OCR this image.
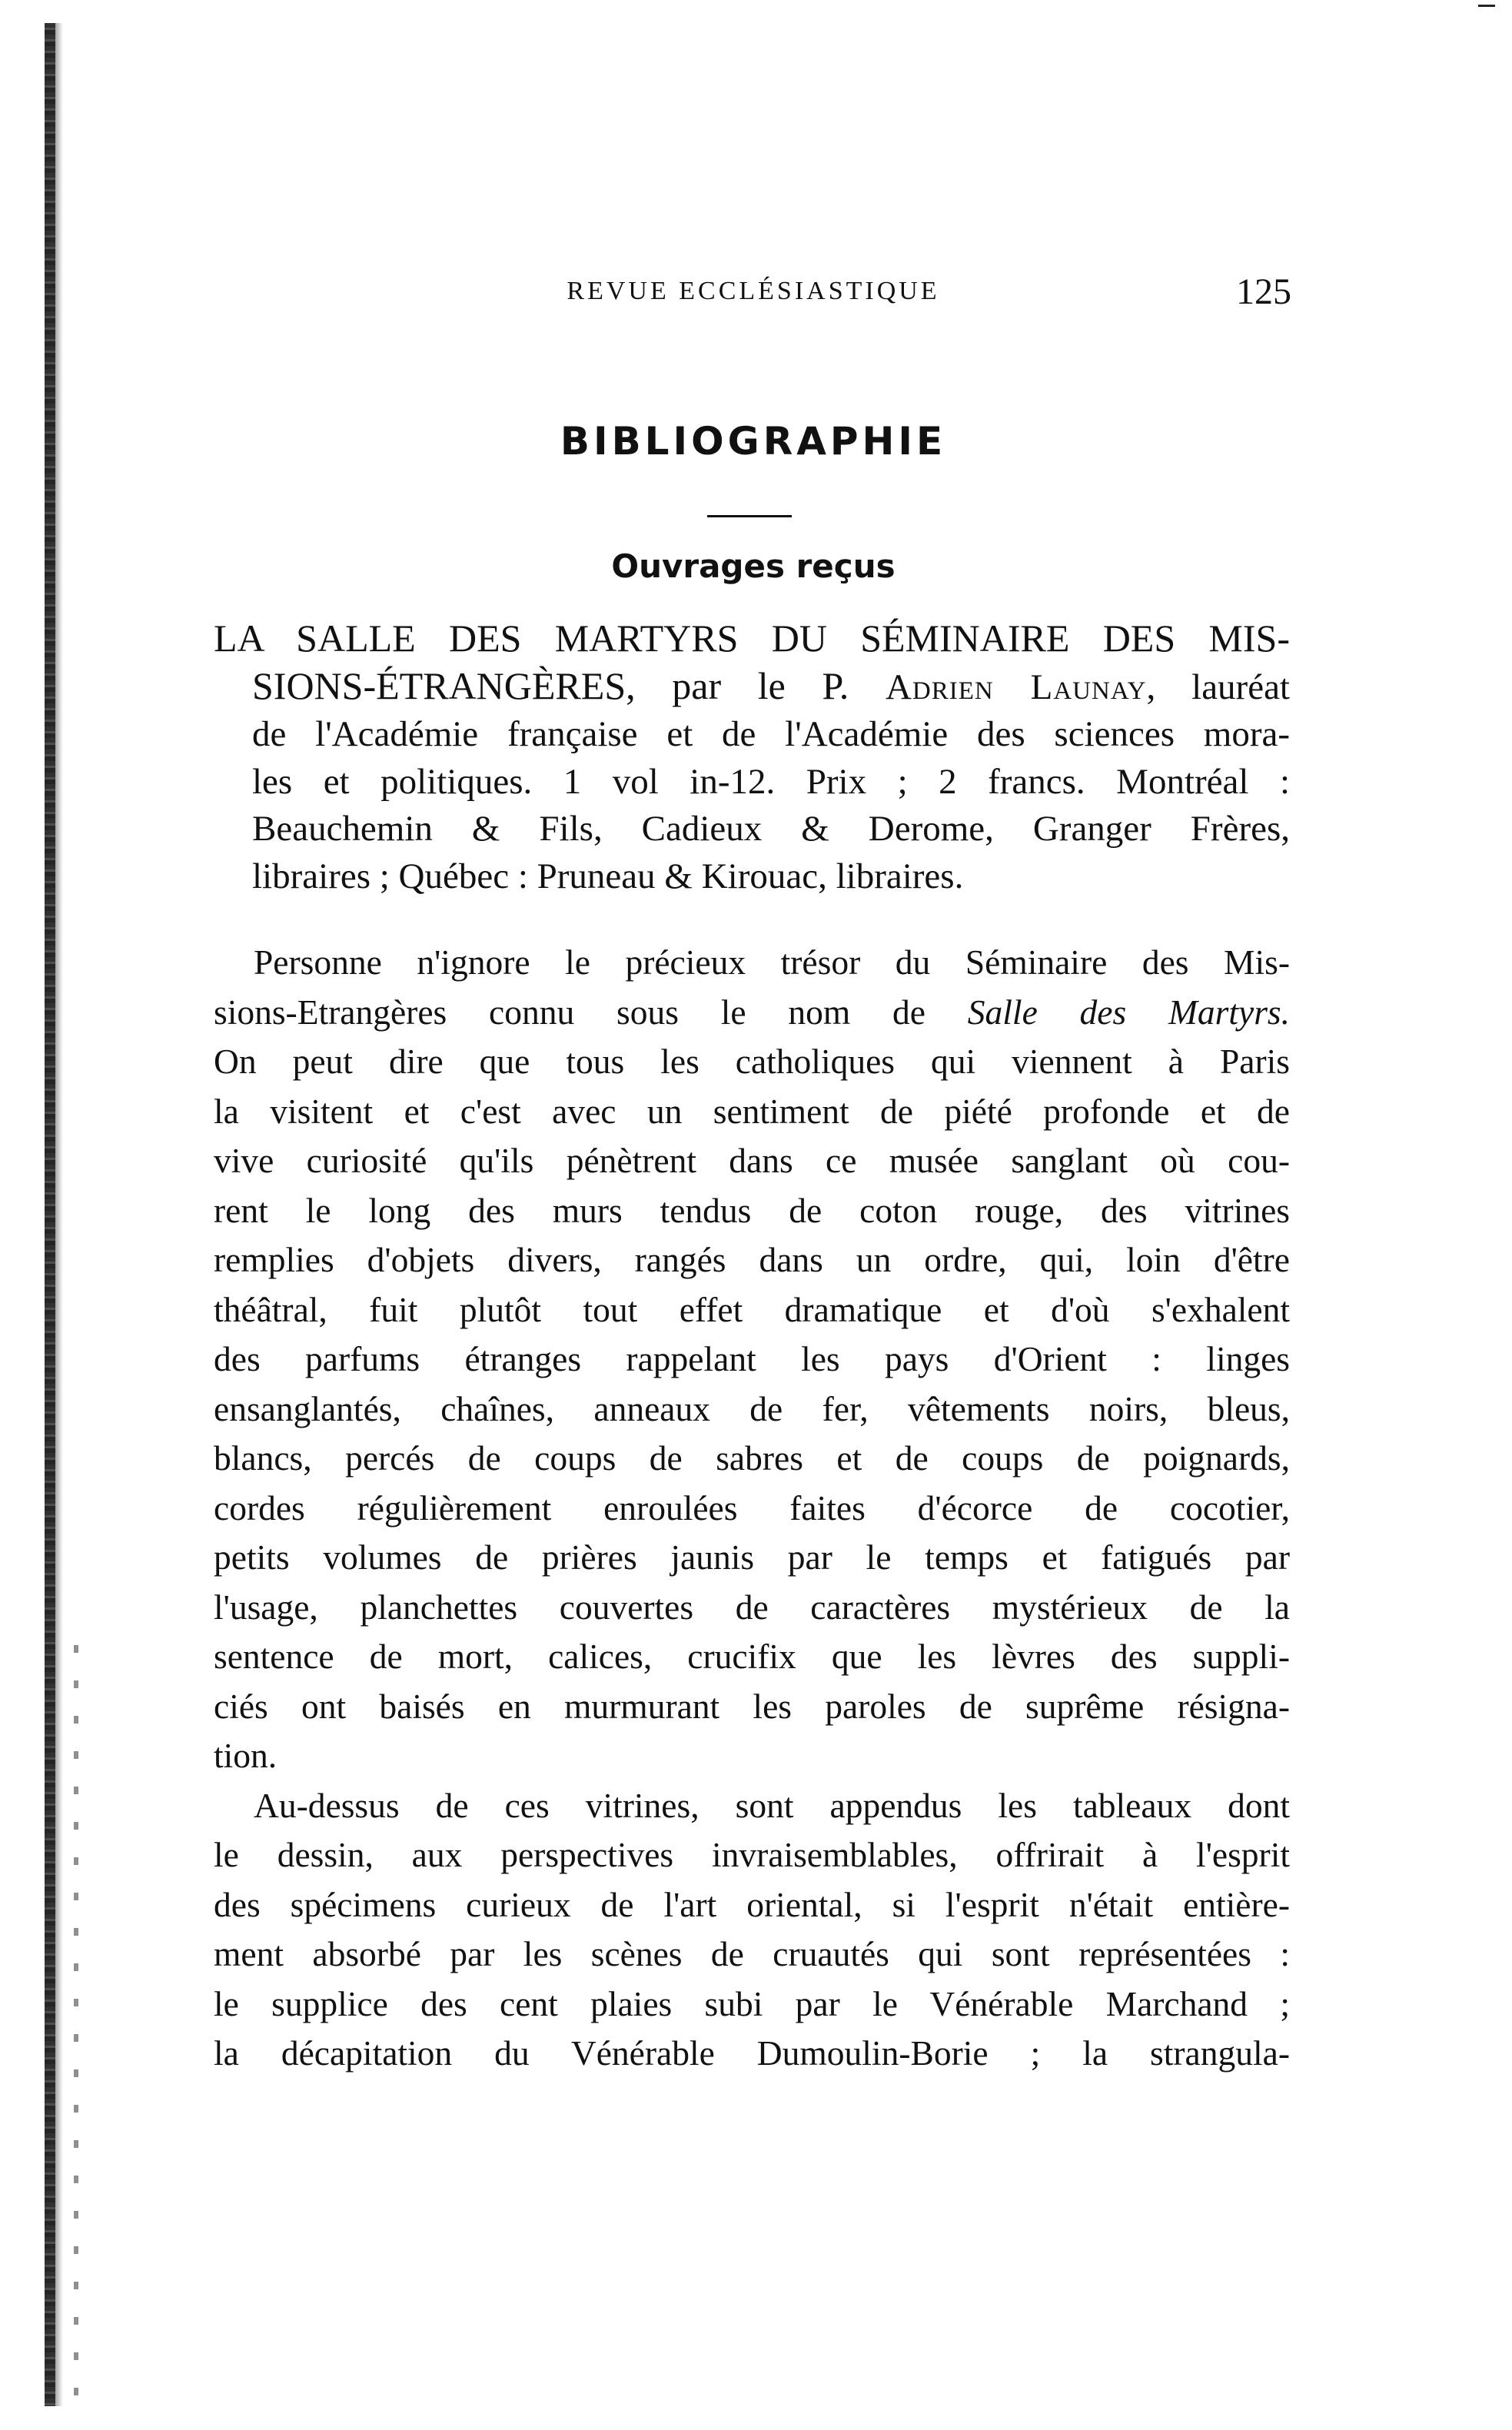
REVUE ECCLÉSIASTIQUE	125
BIBLIOGRAPHIE
Ouvrages reçus
LA SALLE DES MARTYRS DU SÉMINAIRE DES MIS-
SIONS-ÉTRANGÈRES, par le P. Adrien Launay, lauréat
de l'Académie française et de l'Académie des sciences mora-
les et politiques. 1 vol in-12. Prix ; 2 francs. Montréal :
Beauchemin & Fils, Cadieux & Derome, Granger Frères,
libraires ; Québec : Pruneau & Kirouac, libraires.
Personne n'ignore le précieux trésor du Séminaire des Mis-
sions-Etrangères connu sous le nom de Salle des Martyrs.
On peut dire que tous les catholiques qui viennent à Paris
la visitent et c'est avec un sentiment de piété profonde et de
vive curiosité qu'ils pénètrent dans ce musée sanglant où cou-
rent le long des murs tendus de coton rouge, des vitrines
remplies d'objets divers, rangés dans un ordre, qui, loin d'être
théâtral, fuit plutôt tout effet dramatique et d'où s'exhalent
des parfums étranges rappelant les pays d'Orient : linges
ensanglantés, chaînes, anneaux de fer, vêtements noirs, bleus,
blancs, percés de coups de sabres et de coups de poignards,
cordes régulièrement enroulées faites d'écorce de cocotier,
petits volumes de prières jaunis par le temps et fatigués par
l'usage, planchettes couvertes de caractères mystérieux de la
sentence de mort, calices, crucifix que les lèvres des suppli-
ciés ont baisés en murmurant les paroles de suprême résigna-
tion.
Au-dessus de ces vitrines, sont appendus les tableaux dont
le dessin, aux perspectives invraisemblables, offrirait à l'esprit
des spécimens curieux de l'art oriental, si l'esprit n'était entière-
ment absorbé par les scènes de cruautés qui sont représentées :
le supplice des cent plaies subi par le Vénérable Marchand ;
la décapitation du Vénérable Dumoulin-Borie ; la strangula-
